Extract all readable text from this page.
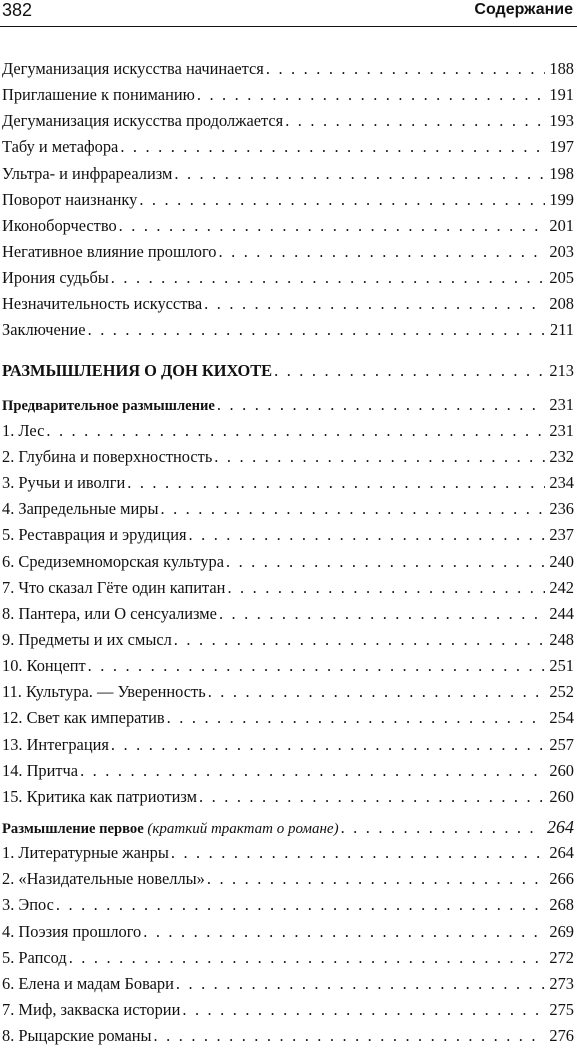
382	Содержание
Дегуманизация искусства начинается . . .	188
Приглашение к пониманию . . .	191
Дегуманизация искусства продолжается . . .	193
Табу и метафора . . .	197
Ультра- и инфрареализм . . .	198
Поворот наизнанку . . .	199
Иконоборчество . . .	201
Негативное влияние прошлого . . .	203
Ирония судьбы . . .	205
Незначительность искусства . . .	208
Заключение . . .	211
РАЗМЫШЛЕНИЯ О ДОН КИХОТЕ . . .	213
Предварительное размышление . . .	231
1. Лес . . .	231
2. Глубина и поверхностность . . .	232
3. Ручьи и иволги . . .	234
4. Запредельные миры . . .	236
5. Реставрация и эрудиция . . .	237
6. Средиземноморская культура . . .	240
7. Что сказал Гёте один капитан . . .	242
8. Пантера, или О сенсуализме . . .	244
9. Предметы и их смысл . . .	248
10. Концепт . . .	251
11. Культура. — Уверенность . . .	252
12. Свет как императив . . .	254
13. Интеграция . . .	257
14. Притча . . .	260
15. Критика как патриотизм . . .	260
Размышление первое (краткий трактат о романе) . . .	264
1. Литературные жанры . . .	264
2. «Назидательные новеллы» . . .	266
3. Эпос . . .	268
4. Поэзия прошлого . . .	269
5. Рапсод . . .	272
6. Елена и мадам Бовари . . .	273
7. Миф, закваска истории . . .	275
8. Рыцарские романы . . .	276
